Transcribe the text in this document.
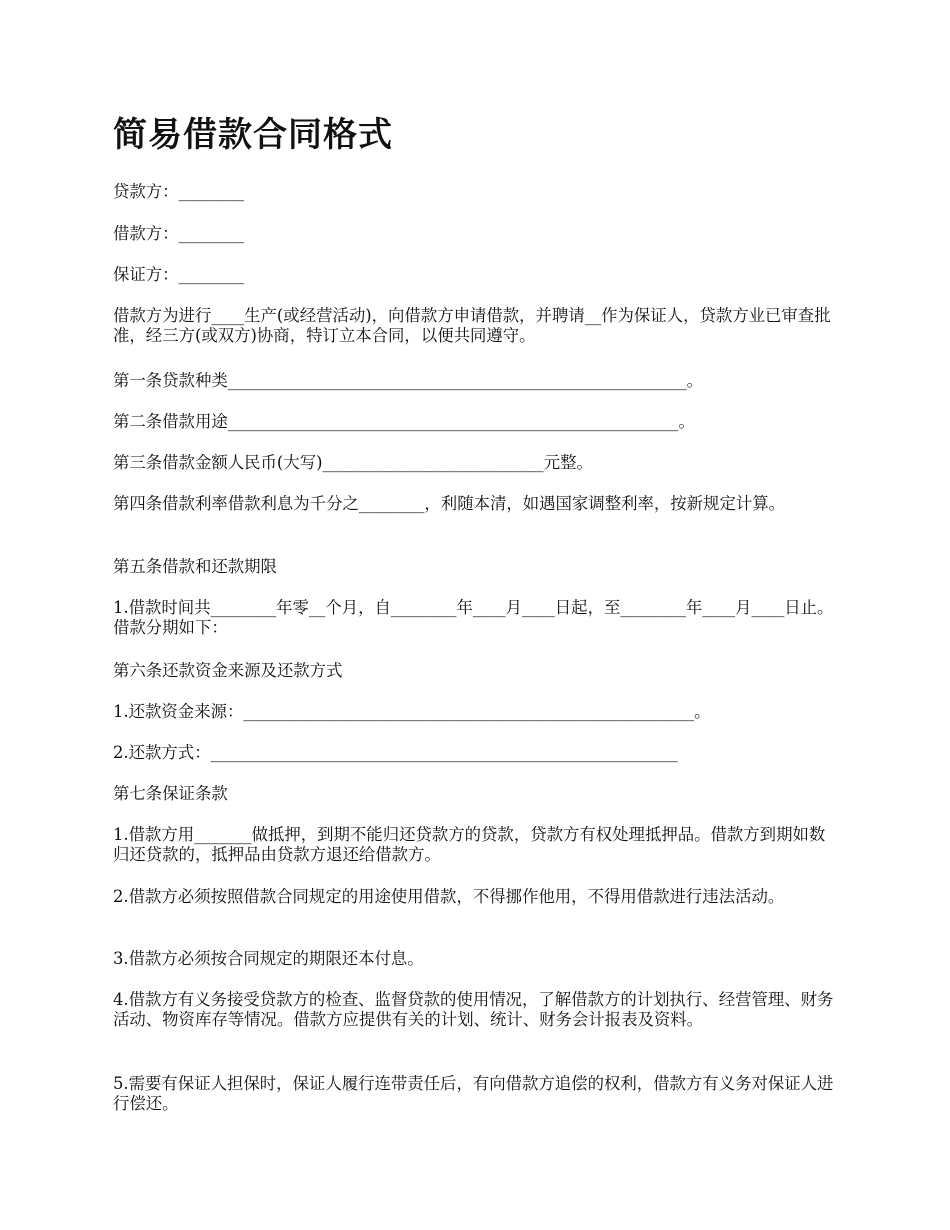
简易借款合同格式

贷款方：________

借款方：________

保证方：________

借款方为进行____生产(或经营活动)，向借款方申请借款，并聘请__作为保证人，贷款方业已审查批准，经三方(或双方)协商，特订立本合同，以便共同遵守。

第一条贷款种类________________________________________________________。

第二条借款用途_______________________________________________________。

第三条借款金额人民币(大写)___________________________元整。

第四条借款利率借款利息为千分之________，利随本清，如遇国家调整利率，按新规定计算。

第五条借款和还款期限

1.借款时间共________年零__个月，自________年____月____日起，至________年____月____日止。借款分期如下：

第六条还款资金来源及还款方式

1.还款资金来源：_______________________________________________________。

2.还款方式：_________________________________________________________

第七条保证条款

1.借款方用_______做抵押，到期不能归还贷款方的贷款，贷款方有权处理抵押品。借款方到期如数归还贷款的，抵押品由贷款方退还给借款方。

2.借款方必须按照借款合同规定的用途使用借款，不得挪作他用，不得用借款进行违法活动。

3.借款方必须按合同规定的期限还本付息。

4.借款方有义务接受贷款方的检查、监督贷款的使用情况，了解借款方的计划执行、经营管理、财务活动、物资库存等情况。借款方应提供有关的计划、统计、财务会计报表及资料。

5.需要有保证人担保时，保证人履行连带责任后，有向借款方追偿的权利，借款方有义务对保证人进行偿还。
